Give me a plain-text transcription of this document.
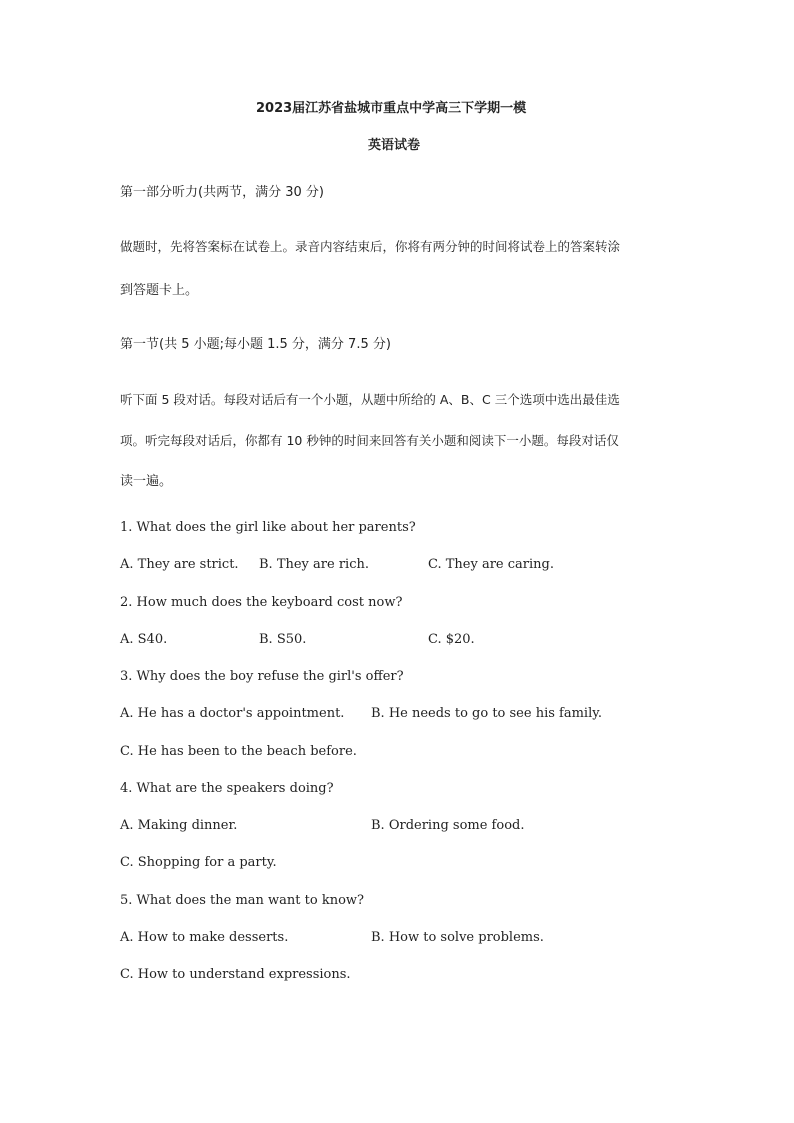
2023届江苏省盐城市重点中学高三下学期一模
英语试卷
第一部分听力(共两节，满分 30 分)
做题时，先将答案标在试卷上。录音内容结束后，你将有两分钟的时间将试卷上的答案转涂
到答题卡上。
第一节(共 5 小题;每小题 1.5 分，满分 7.5 分)
听下面 5 段对话。每段对话后有一个小题，从题中所给的 A、B、C 三个选项中选出最佳选
项。听完每段对话后，你都有 10 秒钟的时间来回答有关小题和阅读下一小题。每段对话仅
读一遍。
1. What does the girl like about her parents?
A. They are strict. B. They are rich.	C. They are caring.
2. How much does the keyboard cost now?
A. S40.	B. S50.	C. $20.
3. Why does the boy refuse the girl's offer?
A. He has a doctor's appointment. B. He needs to go to see his family.
C. He has been to the beach before.
4. What are the speakers doing?
A. Making dinner.	B. Ordering some food.
C. Shopping for a party.
5. What does the man want to know?
A. How to make desserts.	B. How to solve problems.
C. How to understand expressions.
